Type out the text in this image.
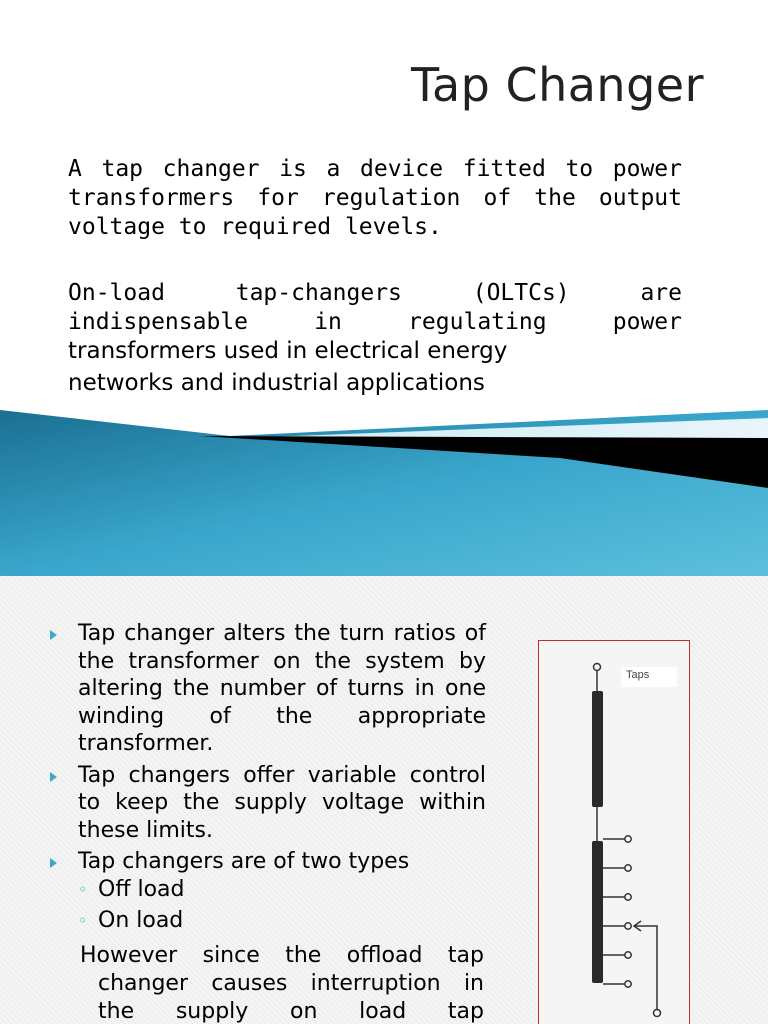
Tap Changer

A tap changer is a device fitted to power
transformers for regulation of the output
voltage to required levels.

On-load tap-changers (OLTCs) are
indispensable in regulating power
transformers used in electrical energy
networks and industrial applications

Tap changer alters the turn ratios of the transformer on the system by altering the number of turns in one winding of the appropriate transformer.
Tap changers offer variable control to keep the supply voltage within these limits.
Tap changers are of two types
◦ Off load
◦ On load

However since the offload tap
changer causes interruption in
the supply on load tap

Taps
